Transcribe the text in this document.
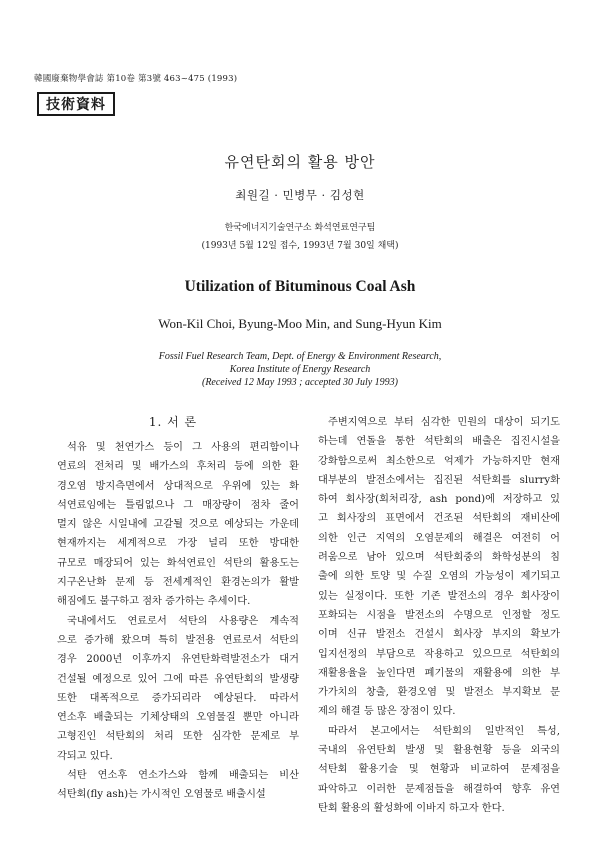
韓國廢棄物學會誌 第10卷 第3號 463~475 (1993)
技術資料
유연탄회의 활용 방안
최원길 · 민병무 · 김성현
한국에너지기술연구소 화석연료연구팀
(1993년 5월 12일 접수, 1993년 7월 30일 채택)
Utilization of Bituminous Coal Ash
Won-Kil Choi, Byung-Moo Min, and Sung-Hyun Kim
Fossil Fuel Research Team, Dept. of Energy & Environment Research,
Korea Institute of Energy Research
(Received 12 May 1993 ; accepted 30 July 1993)
1. 서 론
석유 및 천연가스 등이 그 사용의 편리함이나
연료의 전처리 및 배가스의 후처리 등에 의한 환
경오염 방지측면에서 상대적으로 우위에 있는 화
석연료임에는 틀림없으나 그 매장량이 점차 줄어
멀지 않은 시일내에 고갈될 것으로 예상되는 가운데
현재까지는 세계적으로 가장 널리 또한 방대한
규모로 매장되어 있는 화석연료인 석탄의 활용도는
지구온난화 문제 등 전세계적인 환경논의가 활발
해짐에도 불구하고 점차 증가하는 추세이다.
국내에서도 연료로서 석탄의 사용량은 계속적
으로 증가해 왔으며 특히 발전용 연료로서 석탄의
경우 2000년 이후까지 유연탄화력발전소가 대거
건설될 예정으로 있어 그에 따른 유연탄회의 발생량
또한 대폭적으로 증가되리라 예상된다. 따라서
연소후 배출되는 기체상태의 오염물질 뿐만 아니라
고형진인 석탄회의 처리 또한 심각한 문제로 부
각되고 있다.
석탄 연소후 연소가스와 함께 배출되는 비산
석탄회(fly ash)는 가시적인 오염물로 배출시설
주변지역으로 부터 심각한 민원의 대상이 되기도
하는데 연돌을 통한 석탄회의 배출은 집진시설을
강화함으로써 최소한으로 억제가 가능하지만 현재
대부분의 발전소에서는 집진된 석탄회를 slurry화
하여 회사장(회처리장, ash pond)에 저장하고 있
고 회사장의 표면에서 건조된 석탄회의 재비산에
의한 인근 지역의 오염문제의 해결은 여전히 어
려움으로 남아 있으며 석탄회중의 화학성분의 침
출에 의한 토양 및 수질 오염의 가능성이 제기되고
있는 실정이다. 또한 기존 발전소의 경우 회사장이
포화되는 시점을 발전소의 수명으로 인정할 정도
이며 신규 발전소 건설시 회사장 부지의 확보가
입지선정의 부담으로 작용하고 있으므로 석탄회의
재활용율을 높인다면 폐기물의 재활용에 의한 부
가가치의 창출, 환경오염 및 발전소 부지확보 문
제의 해결 등 많은 장점이 있다.
따라서 본고에서는 석탄회의 일반적인 특성,
국내의 유연탄회 발생 및 활용현황 등을 외국의
석탄회 활용기술 및 현황과 비교하여 문제점을
파악하고 이러한 문제점들을 해결하여 향후 유연
탄회 활용의 활성화에 이바지 하고자 한다.
